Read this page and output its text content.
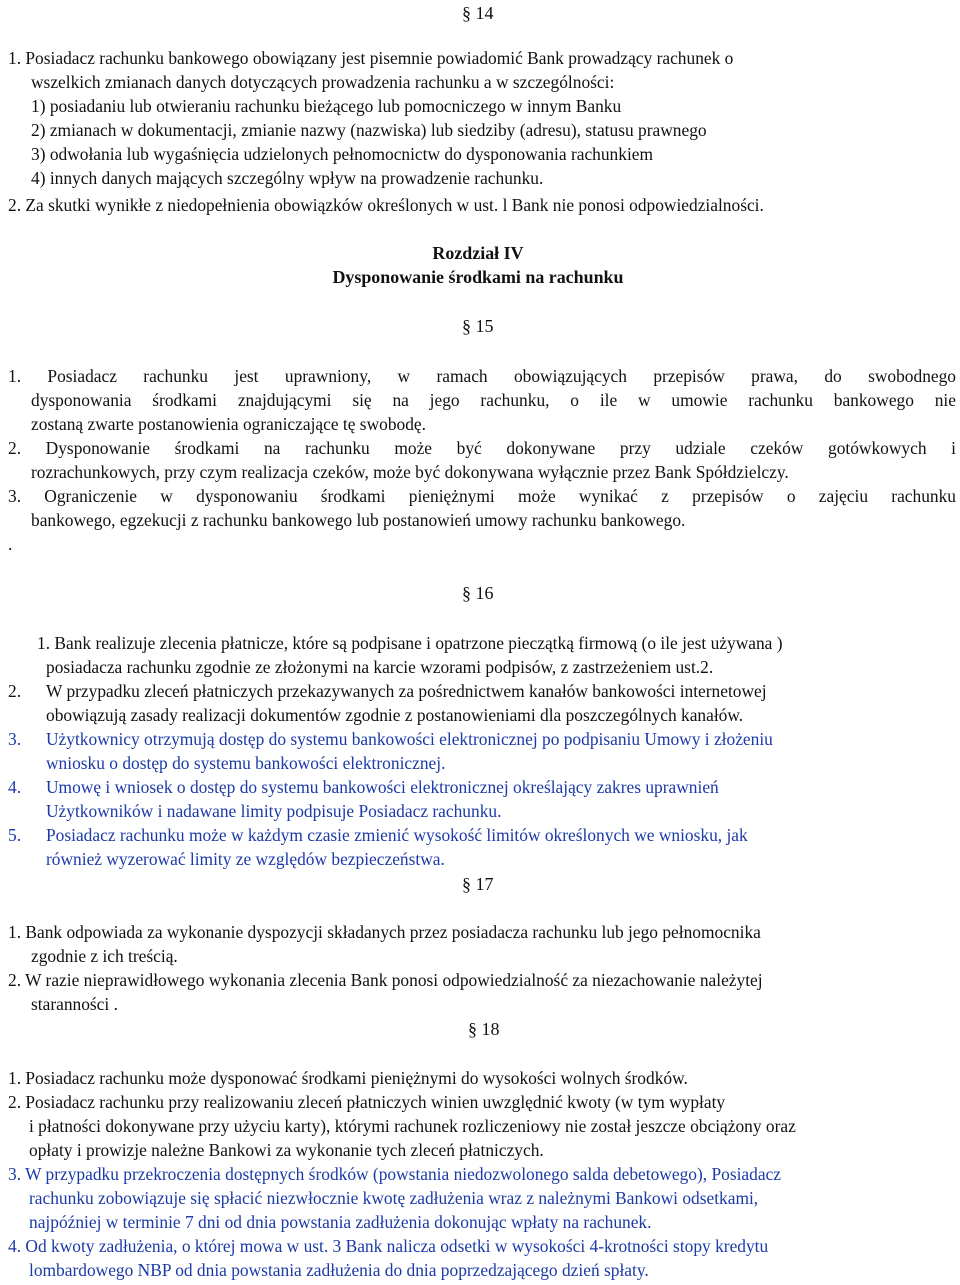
§ 14
1. Posiadacz rachunku bankowego obowiązany jest pisemnie powiadomić Bank prowadzący rachunek o
wszelkich zmianach danych dotyczących prowadzenia rachunku a w szczególności:
1) posiadaniu lub otwieraniu rachunku bieżącego lub pomocniczego w innym Banku
2) zmianach w dokumentacji, zmianie nazwy (nazwiska) lub siedziby (adresu), statusu prawnego
3) odwołania lub wygaśnięcia udzielonych pełnomocnictw do dysponowania rachunkiem
4) innych danych mających szczególny wpływ na prowadzenie rachunku.
2. Za skutki wynikłe z niedopełnienia obowiązków określonych w ust. l Bank nie ponosi odpowiedzialności.
Rozdział IV
Dysponowanie środkami na rachunku
§ 15
1. Posiadacz rachunku jest uprawniony, w ramach obowiązujących przepisów prawa, do swobodnego
dysponowania środkami znajdującymi się na jego rachunku, o ile w umowie rachunku bankowego nie
zostaną zwarte postanowienia ograniczające tę swobodę.
2. Dysponowanie środkami na rachunku może być dokonywane przy udziale czeków gotówkowych i
rozrachunkowych, przy czym realizacja czeków, może być dokonywana wyłącznie przez Bank Spółdzielczy.
3. Ograniczenie w dysponowaniu środkami pieniężnymi może wynikać z przepisów o zajęciu rachunku
bankowego, egzekucji z rachunku bankowego lub postanowień umowy rachunku bankowego.
.
§ 16
1. Bank realizuje zlecenia płatnicze, które są podpisane i opatrzone pieczątką firmową (o ile jest używana )
posiadacza rachunku zgodnie ze złożonymi na karcie wzorami podpisów, z zastrzeżeniem ust.2.
2. W przypadku zleceń płatniczych przekazywanych za pośrednictwem kanałów bankowości internetowej
obowiązują zasady realizacji dokumentów zgodnie z postanowieniami dla poszczególnych kanałów.
3. Użytkownicy otrzymują dostęp do systemu bankowości elektronicznej po podpisaniu Umowy i złożeniu
wniosku o dostęp do systemu bankowości elektronicznej.
4. Umowę i wniosek o dostęp do systemu bankowości elektronicznej określający zakres uprawnień
Użytkowników i nadawane limity podpisuje Posiadacz rachunku.
5. Posiadacz rachunku może w każdym czasie zmienić wysokość limitów określonych we wniosku, jak
również wyzerować limity ze względów bezpieczeństwa.
§ 17
1. Bank odpowiada za wykonanie dyspozycji składanych przez posiadacza rachunku lub jego pełnomocnika
zgodnie z ich treścią.
2. W razie nieprawidłowego wykonania zlecenia Bank ponosi odpowiedzialność za niezachowanie należytej
staranności .
§ 18
1. Posiadacz rachunku może dysponować środkami pieniężnymi do wysokości wolnych środków.
2. Posiadacz rachunku przy realizowaniu zleceń płatniczych winien uwzględnić kwoty (w tym wypłaty
i płatności dokonywane przy użyciu karty), którymi rachunek rozliczeniowy nie został jeszcze obciążony oraz
opłaty i prowizje należne Bankowi za wykonanie tych zleceń płatniczych.
3. W przypadku przekroczenia dostępnych środków (powstania niedozwolonego salda debetowego), Posiadacz
rachunku zobowiązuje się spłacić niezwłocznie kwotę zadłużenia wraz z należnymi Bankowi odsetkami,
najpóźniej w terminie 7 dni od dnia powstania zadłużenia dokonując wpłaty na rachunek.
4. Od kwoty zadłużenia, o której mowa w ust. 3 Bank nalicza odsetki w wysokości 4-krotności stopy kredytu
lombardowego NBP od dnia powstania zadłużenia do dnia poprzedzającego dzień spłaty.
